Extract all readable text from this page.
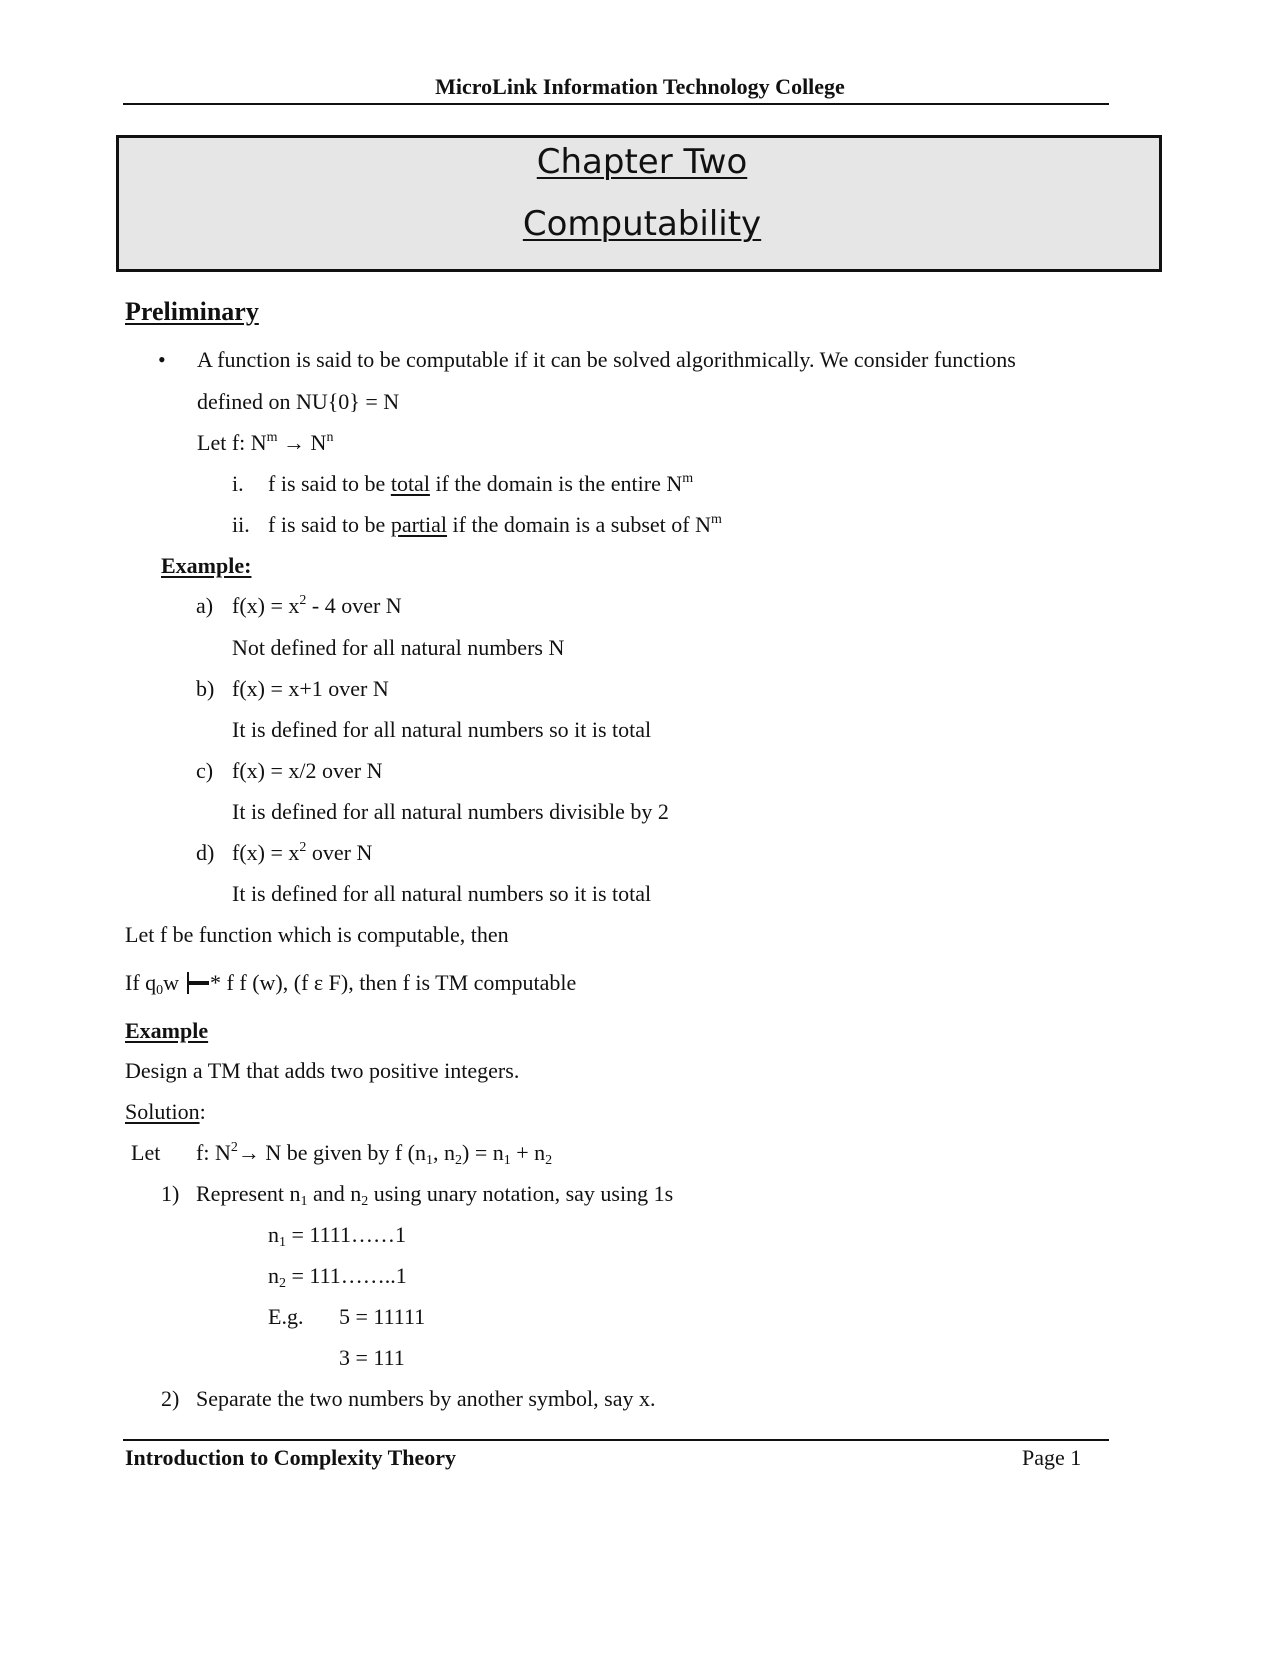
MicroLink Information Technology College
Chapter Two
Computability
Preliminary
• A function is said to be computable if it can be solved algorithmically. We consider functions
defined on NU{0} = N
Let f: $N^m \to N^n$
i. f is said to be total if the domain is the entire $N^m$
ii. f is said to be partial if the domain is a subset of $N^m$
Example:
a) $f(x) = x^2 - 4$ over N
Not defined for all natural numbers N
b) f(x) = x+1 over N
It is defined for all natural numbers so it is total
c) f(x) = x/2 over N
It is defined for all natural numbers divisible by 2
d) $f(x) = x^2$ over N
It is defined for all natural numbers so it is total
Let f be function which is computable, then
If $q_0w$ * f f (w), (f ε F), then f is TM computable
Example
Design a TM that adds two positive integers.
Solution:
Let f: $N^2\to N$ be given by f ($n_1$, $n_2) = n_1 + n_2$
1) Represent $n_1$ and $n_2$ using unary notation, say using 1s
$n_1$ = 1111……1
$n_2$ = 111……..1
E.g. 5 = 11111
3 = 111
2) Separate the two numbers by another symbol, say x.
Introduction to Complexity Theory	Page 1
